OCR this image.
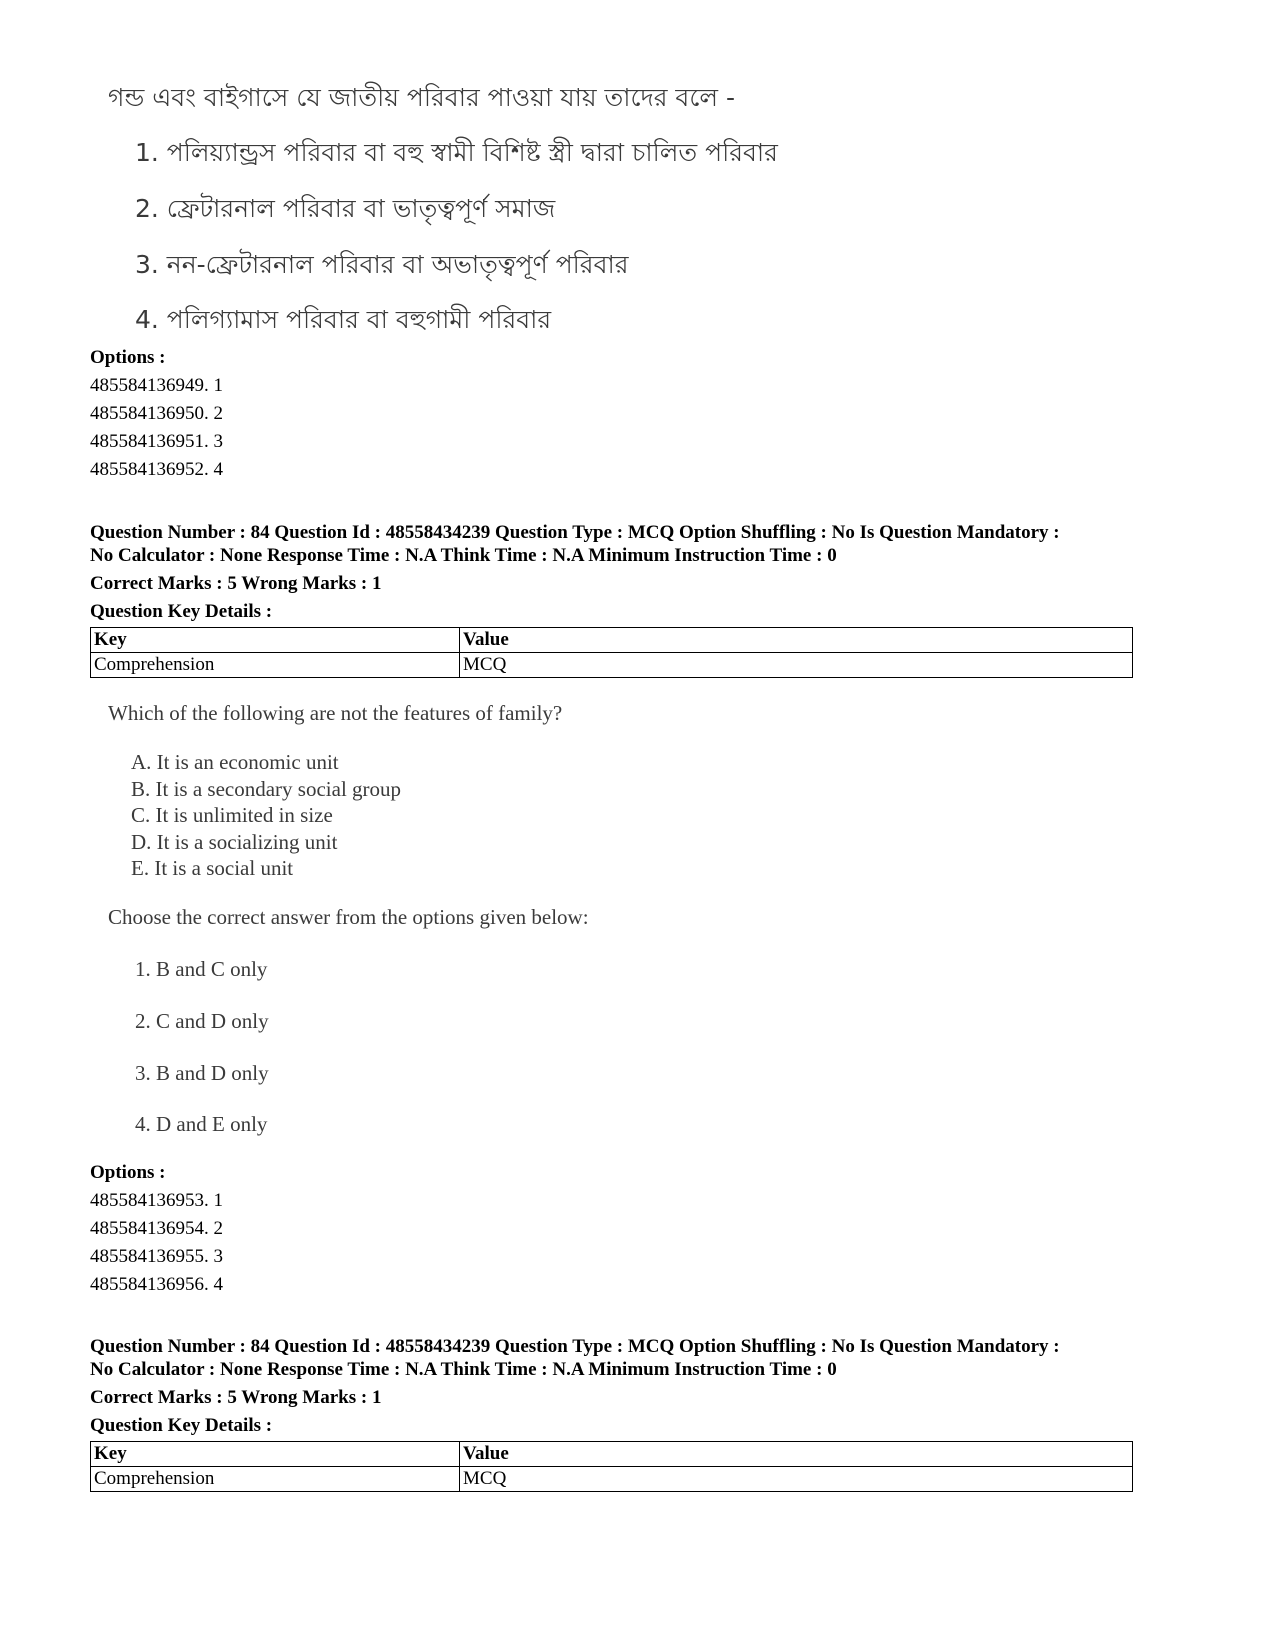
গন্ড এবং বাইগাসে যে জাতীয় পরিবার পাওয়া যায় তাদের বলে -
1. পলিয়্যান্ড্রস পরিবার বা বহু স্বামী বিশিষ্ট স্ত্রী দ্বারা চালিত পরিবার
2. ফ্রেটারনাল পরিবার বা ভাতৃত্বপূর্ণ সমাজ
3. নন-ফ্রেটারনাল পরিবার বা অভাতৃত্বপূর্ণ পরিবার
4. পলিগ্যামাস পরিবার বা বহুগামী পরিবার
Options :
485584136949. 1
485584136950. 2
485584136951. 3
485584136952. 4
Question Number : 84 Question Id : 48558434239 Question Type : MCQ Option Shuffling : No Is Question Mandatory :
No Calculator : None Response Time : N.A Think Time : N.A Minimum Instruction Time : 0
Correct Marks : 5 Wrong Marks : 1
Question Key Details :
Key	Value
Comprehension	MCQ
Which of the following are not the features of family?
A. It is an economic unit
B. It is a secondary social group
C. It is unlimited in size
D. It is a socializing unit
E. It is a social unit
Choose the correct answer from the options given below:
1. B and C only
2. C and D only
3. B and D only
4. D and E only
Options :
485584136953. 1
485584136954. 2
485584136955. 3
485584136956. 4
Question Number : 84 Question Id : 48558434239 Question Type : MCQ Option Shuffling : No Is Question Mandatory :
No Calculator : None Response Time : N.A Think Time : N.A Minimum Instruction Time : 0
Correct Marks : 5 Wrong Marks : 1
Question Key Details :
Key	Value
Comprehension	MCQ
